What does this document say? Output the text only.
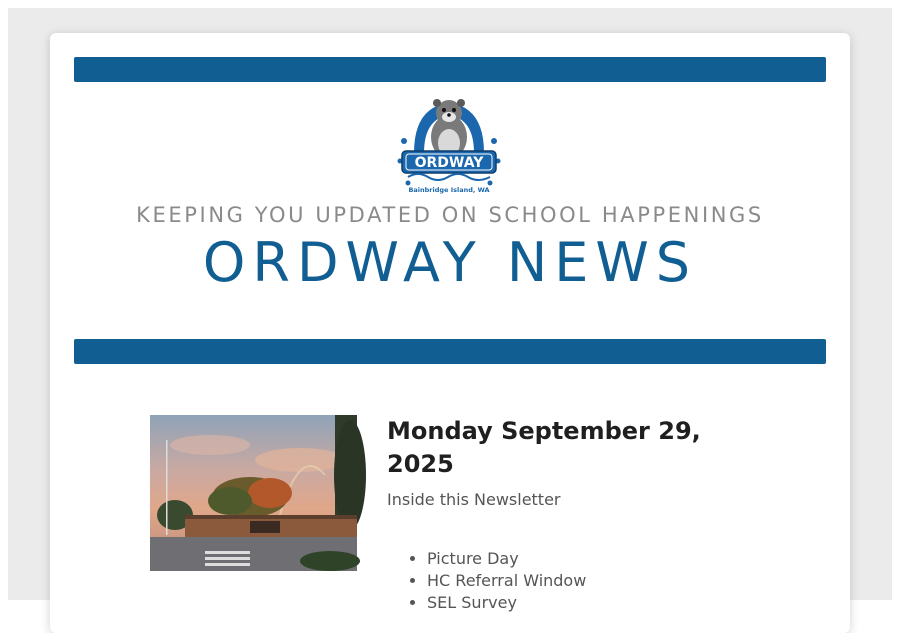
ORDWAY
Bainbridge Island, WA
KEEPING YOU UPDATED ON SCHOOL HAPPENINGS
ORDWAY NEWS
Monday September 29, 2025
Inside this Newsletter
• Picture Day
• HC Referral Window
• SEL Survey
